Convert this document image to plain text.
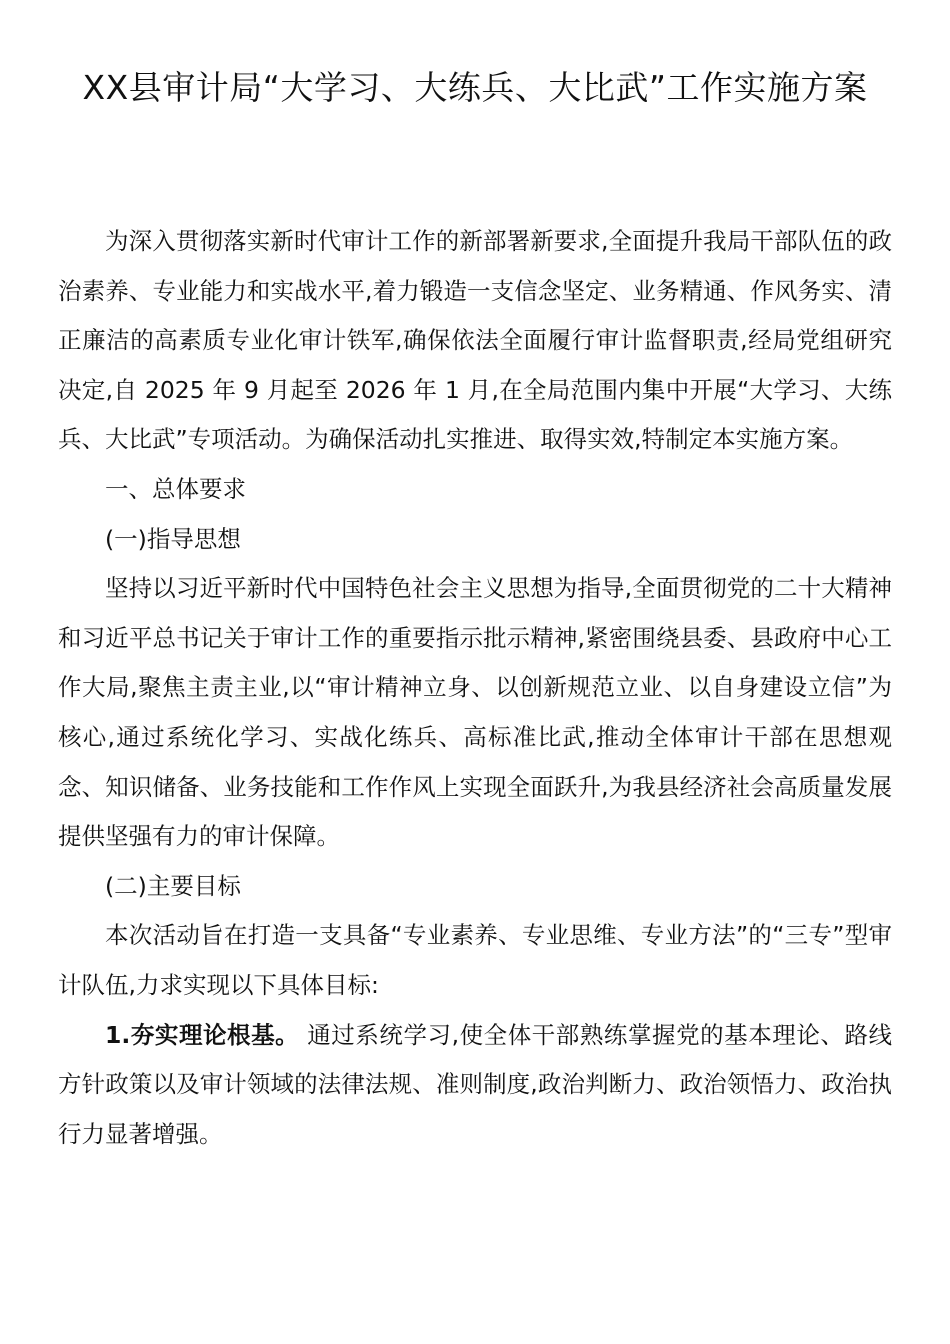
XX县审计局“大学习、大练兵、大比武”工作实施方案

为深入贯彻落实新时代审计工作的新部署新要求,全面提升我局干部队伍的政治素养、专业能力和实战水平,着力锻造一支信念坚定、业务精通、作风务实、清正廉洁的高素质专业化审计铁军,确保依法全面履行审计监督职责,经局党组研究决定,自 2025 年 9 月起至 2026 年 1 月,在全局范围内集中开展“大学习、大练兵、大比武”专项活动。为确保活动扎实推进、取得实效,特制定本实施方案。

一、总体要求

(一)指导思想

坚持以习近平新时代中国特色社会主义思想为指导,全面贯彻党的二十大精神和习近平总书记关于审计工作的重要指示批示精神,紧密围绕县委、县政府中心工作大局,聚焦主责主业,以“审计精神立身、以创新规范立业、以自身建设立信”为核心,通过系统化学习、实战化练兵、高标准比武,推动全体审计干部在思想观念、知识储备、业务技能和工作作风上实现全面跃升,为我县经济社会高质量发展提供坚强有力的审计保障。

(二)主要目标

本次活动旨在打造一支具备“专业素养、专业思维、专业方法”的“三专”型审计队伍,力求实现以下具体目标:

1.夯实理论根基。 通过系统学习,使全体干部熟练掌握党的基本理论、路线方针政策以及审计领域的法律法规、准则制度,政治判断力、政治领悟力、政治执行力显著增强。
